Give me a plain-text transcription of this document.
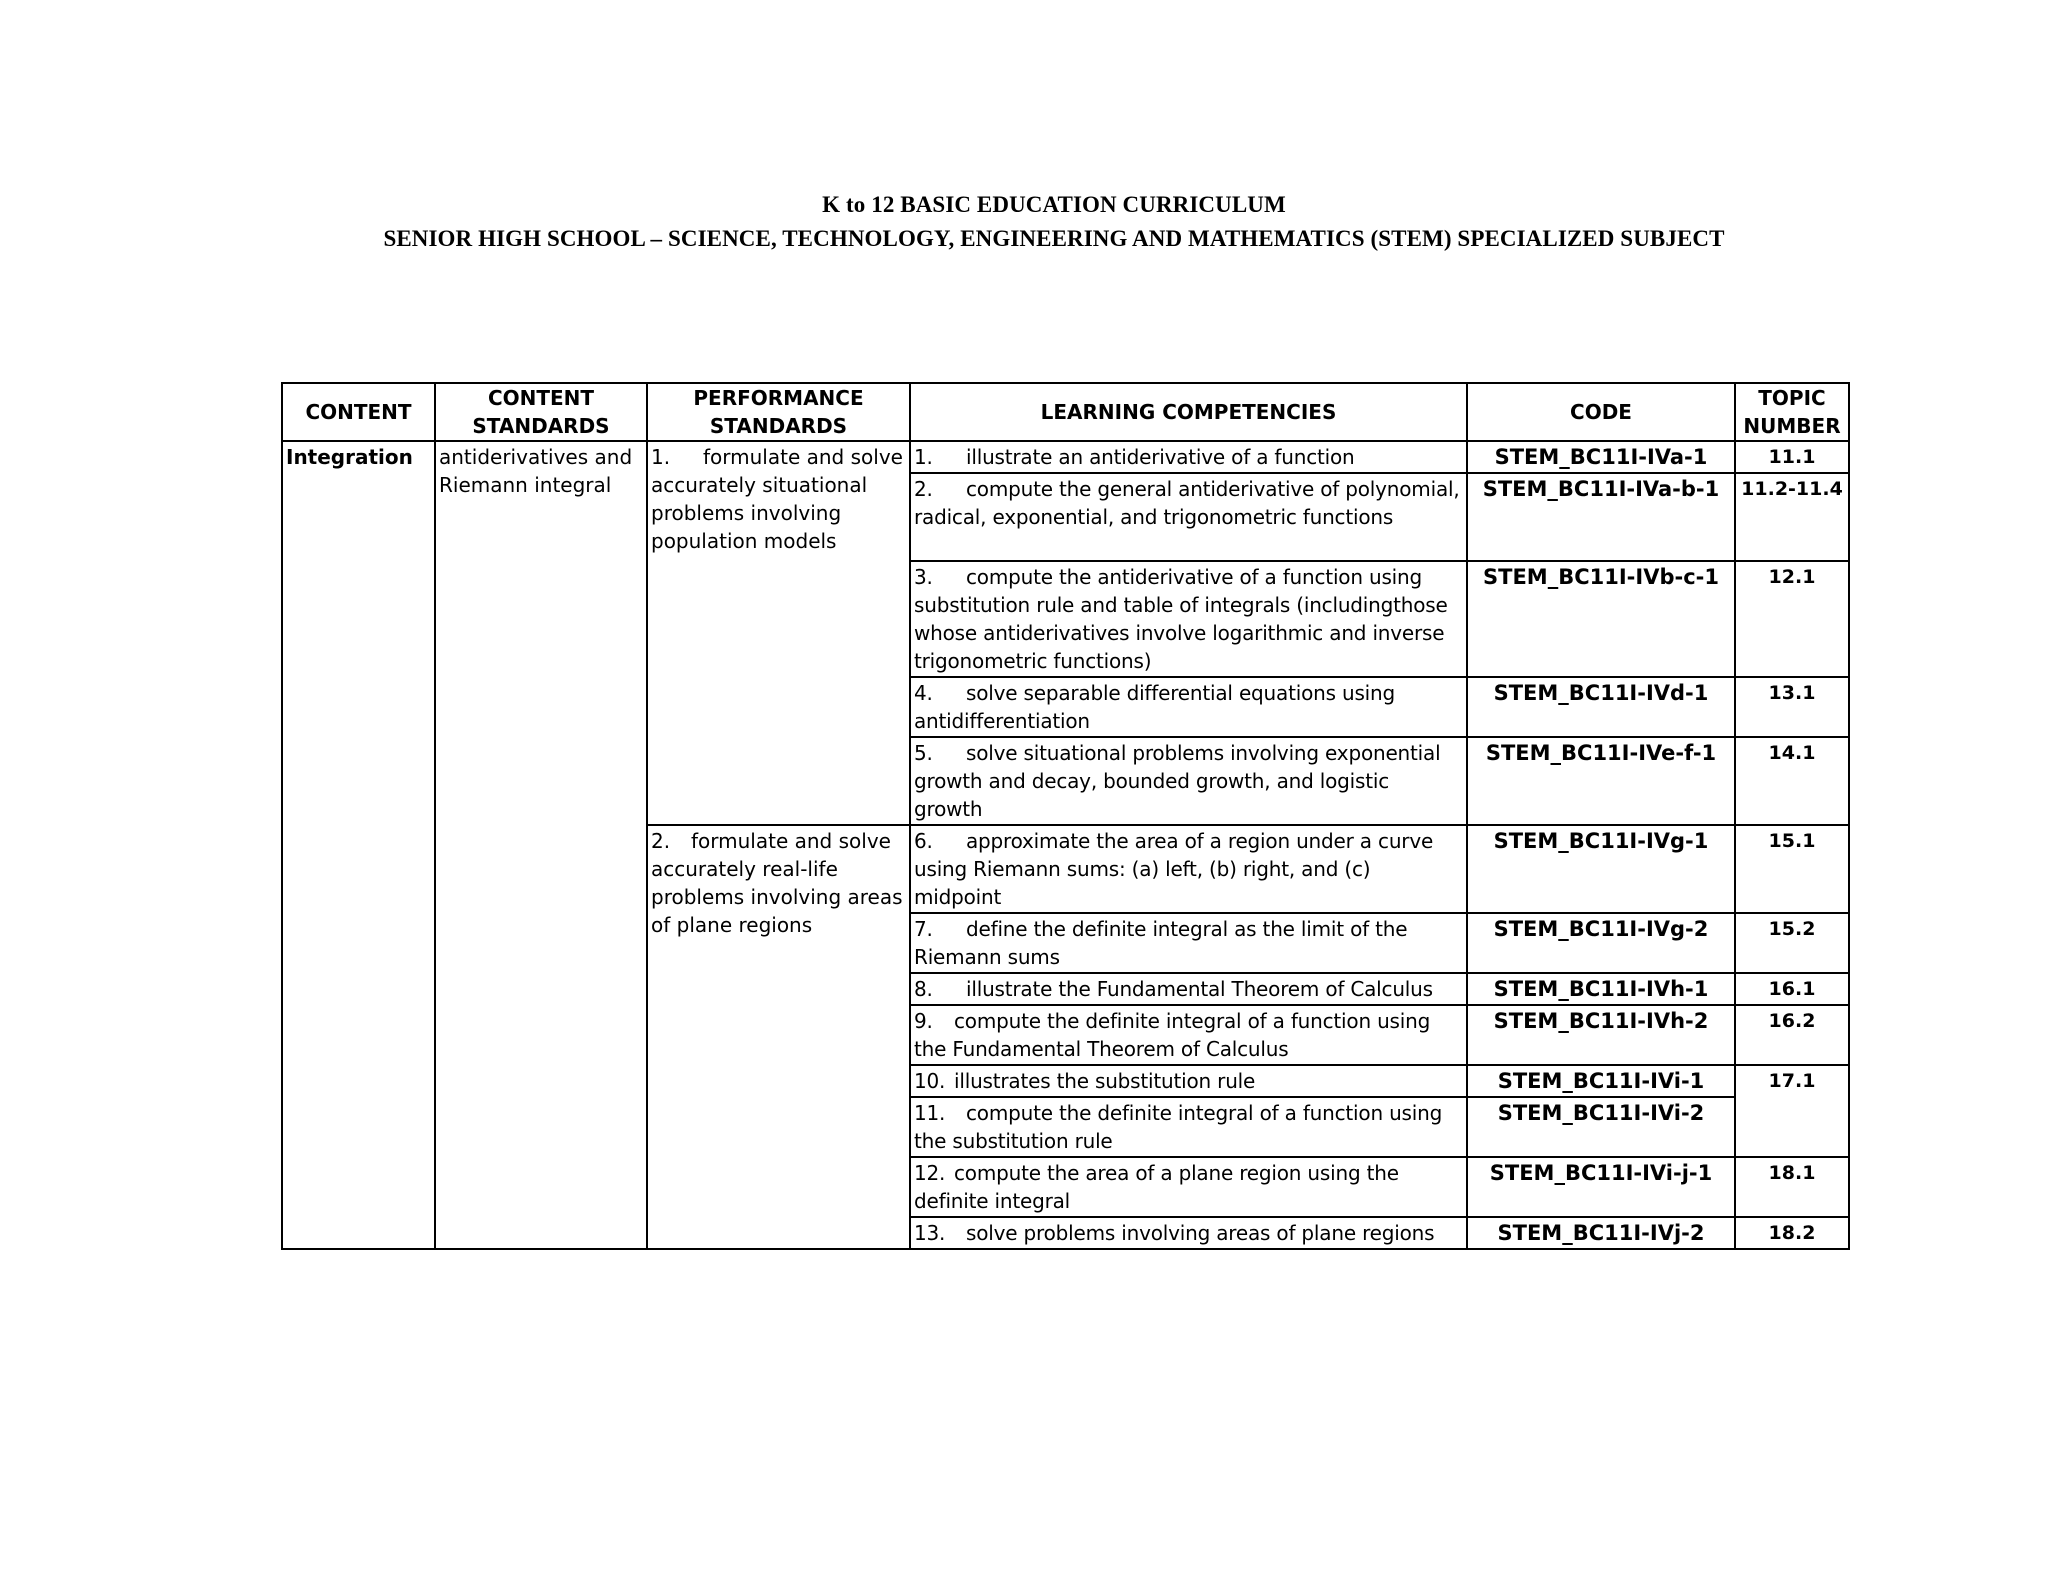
K to 12 BASIC EDUCATION CURRICULUM
SENIOR HIGH SCHOOL – SCIENCE, TECHNOLOGY, ENGINEERING AND MATHEMATICS (STEM) SPECIALIZED SUBJECT
CONTENT	CONTENT STANDARDS	PERFORMANCE STANDARDS	LEARNING COMPETENCIES	CODE	TOPIC NUMBER
Integration	antiderivatives and Riemann integral	1. formulate and solve accurately situational problems involving population models	1. illustrate an antiderivative of a function	STEM_BC11I-IVa-1	11.1
			2. compute the general antiderivative of polynomial, radical, exponential, and trigonometric functions	STEM_BC11I-IVa-b-1	11.2-11.4
			3. compute the antiderivative of a function using substitution rule and table of integrals (includingthose whose antiderivatives involve logarithmic and inverse trigonometric functions)	STEM_BC11I-IVb-c-1	12.1
			4. solve separable differential equations using antidifferentiation	STEM_BC11I-IVd-1	13.1
			5. solve situational problems involving exponential growth and decay, bounded growth, and logistic growth	STEM_BC11I-IVe-f-1	14.1
		2. formulate and solve accurately real-life problems involving areas of plane regions	6. approximate the area of a region under a curve using Riemann sums: (a) left, (b) right, and (c) midpoint	STEM_BC11I-IVg-1	15.1
			7. define the definite integral as the limit of the Riemann sums	STEM_BC11I-IVg-2	15.2
			8. illustrate the Fundamental Theorem of Calculus	STEM_BC11I-IVh-1	16.1
			9. compute the definite integral of a function using the Fundamental Theorem of Calculus	STEM_BC11I-IVh-2	16.2
			10. illustrates the substitution rule	STEM_BC11I-IVi-1	17.1
			11. compute the definite integral of a function using the substitution rule	STEM_BC11I-IVi-2	
			12. compute the area of a plane region using the definite integral	STEM_BC11I-IVi-j-1	18.1
			13. solve problems involving areas of plane regions	STEM_BC11I-IVj-2	18.2
